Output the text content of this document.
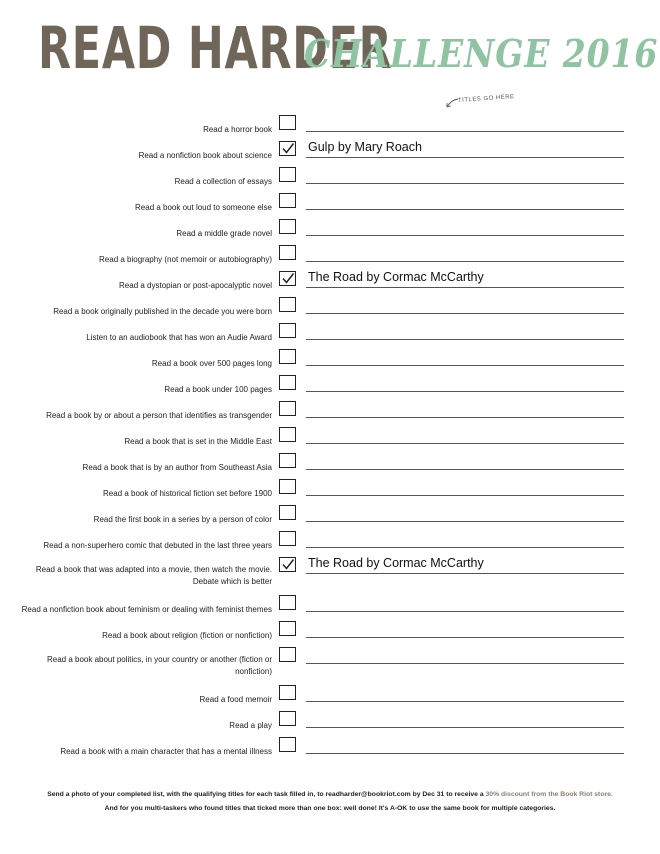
READ HARDER
CHALLENGE 2016
TITLES GO HERE
Read a horror book
Read a nonfiction book about science
Gulp by Mary Roach
Read a collection of essays
Read a book out loud to someone else
Read a middle grade novel
Read a biography (not memoir or autobiography)
Read a dystopian or post-apocalyptic novel
The Road by Cormac McCarthy
Read a book originally published in the decade you were born
Listen to an audiobook that has won an Audie Award
Read a book over 500 pages long
Read a book under 100 pages
Read a book by or about a person that identifies as transgender
Read a book that is set in the Middle East
Read a book that is by an author from Southeast Asia
Read a book of historical fiction set before 1900
Read the first book in a series by a person of color
Read a non-superhero comic that debuted in the last three years
Read a book that was adapted into a movie, then watch the movie. Debate which is better
The Road by Cormac McCarthy
Read a nonfiction book about feminism or dealing with feminist themes
Read a book about religion (fiction or nonfiction)
Read a book about politics, in your country or another (fiction or nonfiction)
Read a food memoir
Read a play
Read a book with a main character that has a mental illness
Send a photo of your completed list, with the qualifying titles for each task filled in, to readharder@bookriot.com by Dec 31 to receive a 30% discount from the Book Riot store.
And for you multi-taskers who found titles that ticked more than one box: well done! It's A-OK to use the same book for multiple categories.
